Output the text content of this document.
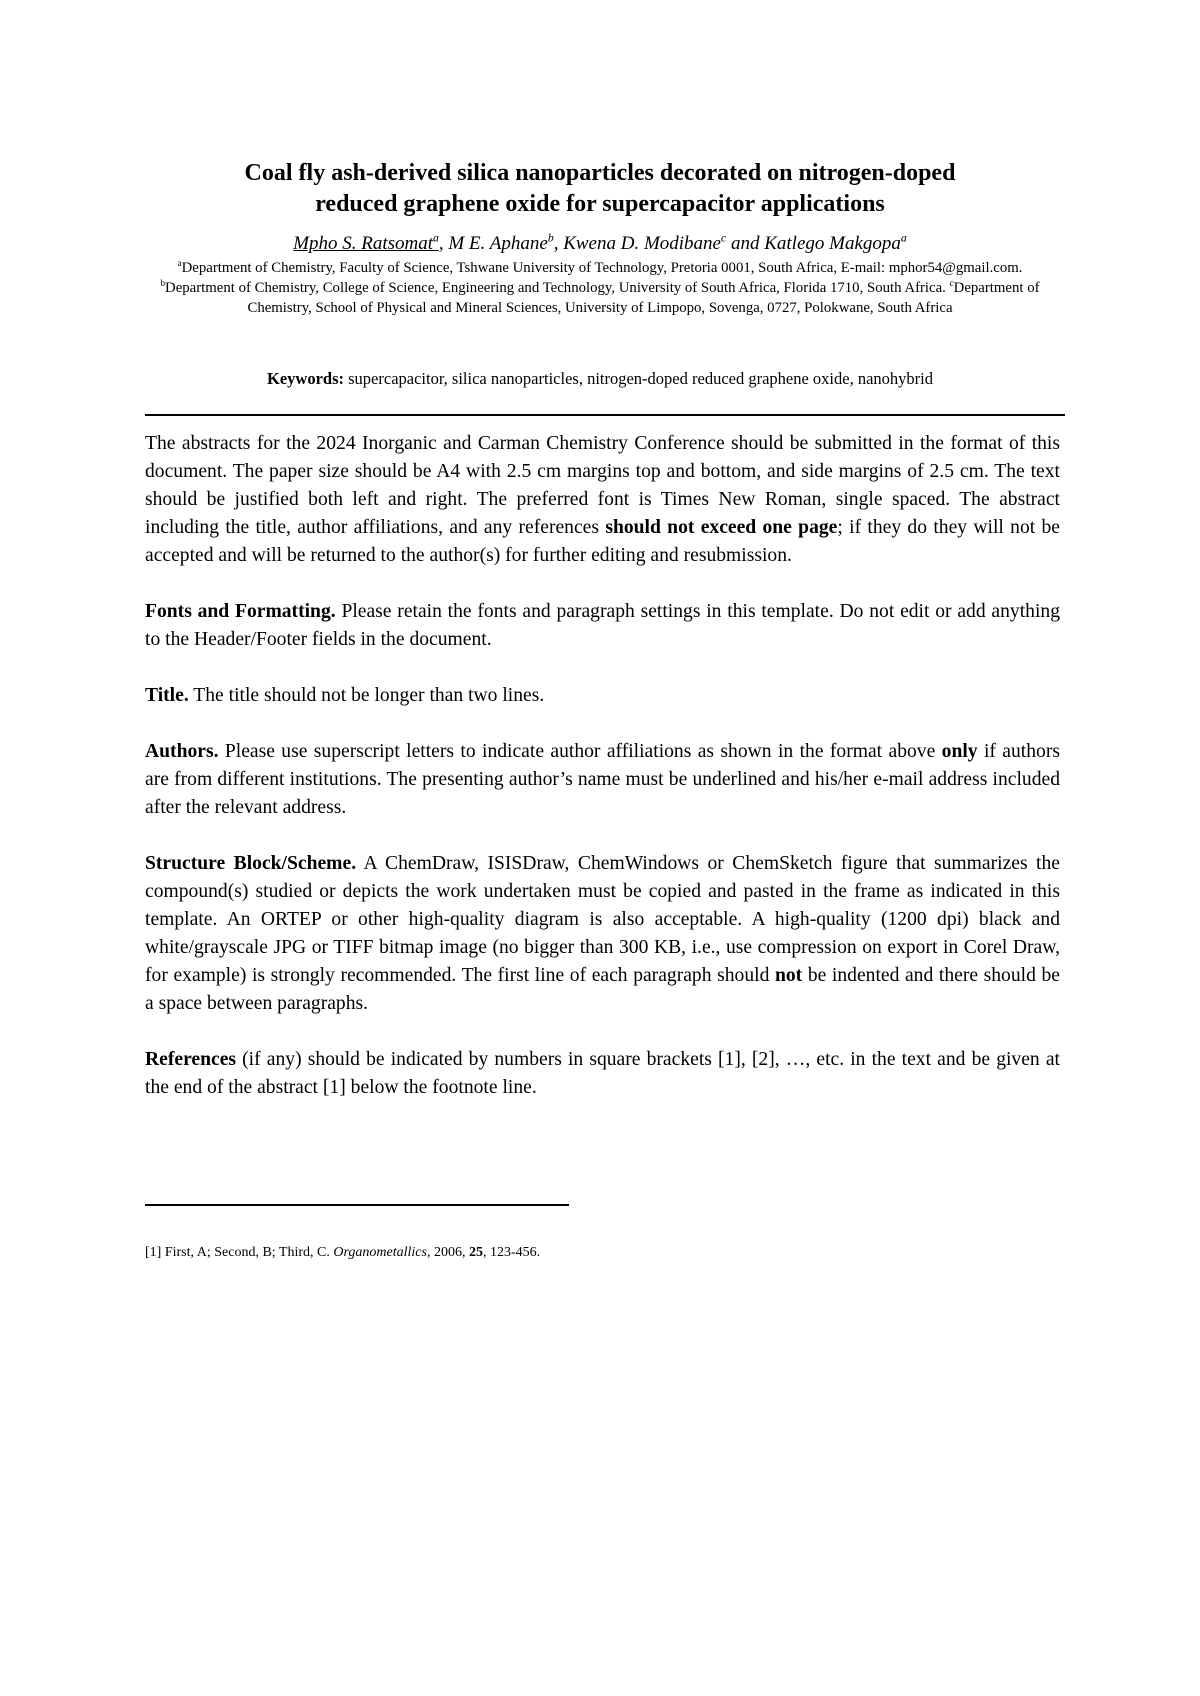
Coal fly ash-derived silica nanoparticles decorated on nitrogen-doped
reduced graphene oxide for supercapacitor applications
Mpho S. Ratsomat$^a$, M E. Aphane$^b$, Kwena D. Modibane$^c$ and Katlego Makgopa$^a$
$^a$Department of Chemistry, Faculty of Science, Tshwane University of Technology, Pretoria 0001, South Africa, E-mail: mphor54@gmail.com. $^b$Department of Chemistry, College of Science, Engineering and Technology, University of South Africa, Florida 1710, South Africa. $^c$Department of Chemistry, School of Physical and Mineral Sciences, University of Limpopo, Sovenga, 0727, Polokwane, South Africa
Keywords: supercapacitor, silica nanoparticles, nitrogen-doped reduced graphene oxide, nanohybrid

The abstracts for the 2024 Inorganic and Carman Chemistry Conference should be submitted in the format of this document. The paper size should be A4 with 2.5 cm margins top and bottom, and side margins of 2.5 cm. The text should be justified both left and right. The preferred font is Times New Roman, single spaced. The abstract including the title, author affiliations, and any references should not exceed one page; if they do they will not be accepted and will be returned to the author(s) for further editing and resubmission.

Fonts and Formatting. Please retain the fonts and paragraph settings in this template. Do not edit or add anything to the Header/Footer fields in the document.

Title. The title should not be longer than two lines.

Authors. Please use superscript letters to indicate author affiliations as shown in the format above only if authors are from different institutions. The presenting author’s name must be underlined and his/her e-mail address included after the relevant address.

Structure Block/Scheme. A ChemDraw, ISISDraw, ChemWindows or ChemSketch figure that summarizes the compound(s) studied or depicts the work undertaken must be copied and pasted in the frame as indicated in this template. An ORTEP or other high-quality diagram is also acceptable. A high-quality (1200 dpi) black and white/grayscale JPG or TIFF bitmap image (no bigger than 300 KB, i.e., use compression on export in Corel Draw, for example) is strongly recommended. The first line of each paragraph should not be indented and there should be a space between paragraphs.

References (if any) should be indicated by numbers in square brackets [1], [2], …, etc. in the text and be given at the end of the abstract [1] below the footnote line.

[1] First, A; Second, B; Third, C. Organometallics, 2006, 25, 123-456.
